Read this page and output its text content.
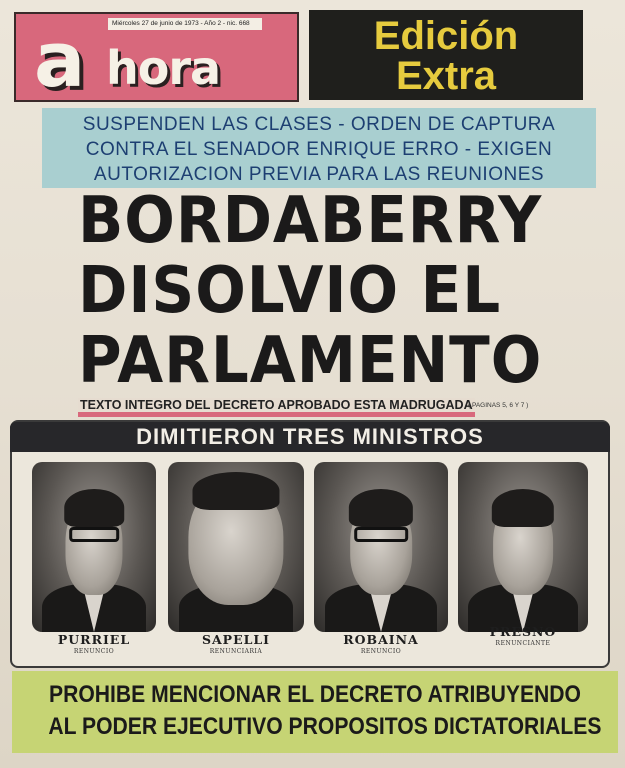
Miércoles 27 de junio de 1973 - Año 2 - nic. 668
a hora
Edición
Extra
SUSPENDEN LAS CLASES - ORDEN DE CAPTURA
CONTRA EL SENADOR ENRIQUE ERRO - EXIGEN
AUTORIZACION PREVIA PARA LAS REUNIONES
BORDABERRY
DISOLVIO EL
PARLAMENTO
TEXTO INTEGRO DEL DECRETO APROBADO ESTA MADRUGADA
( PAGINAS 5, 6 Y 7 )
DIMITIERON TRES MINISTROS
PURRIEL
RENUNCIO
SAPELLI
RENUNCIARIA
ROBAINA
RENUNCIO
PRESNO
RENUNCIANTE
PROHIBE MENCIONAR EL DECRETO ATRIBUYENDO
AL PODER EJECUTIVO PROPOSITOS DICTATORIALES
